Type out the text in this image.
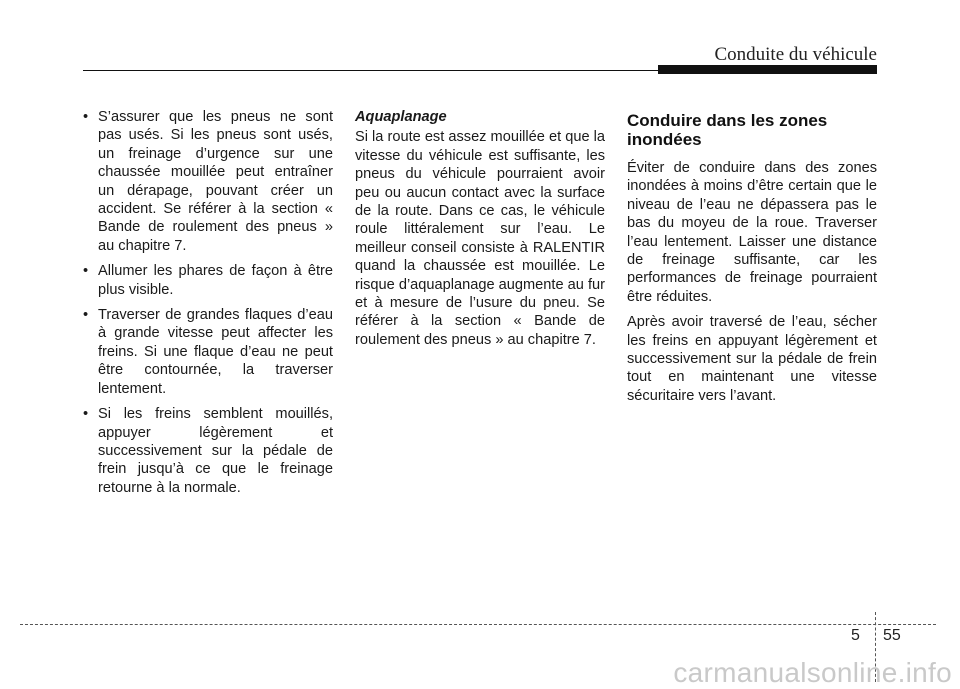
Conduite du véhicule
• S’assurer que les pneus ne sont pas usés. Si les pneus sont usés, un freinage d’urgence sur une chaussée mouillée peut entraîner un dérapage, pouvant créer un accident. Se référer à la section « Bande de roulement des pneus » au chapitre 7.
• Allumer les phares de façon à être plus visible.
• Traverser de grandes flaques d’eau à grande vitesse peut affecter les freins. Si une flaque d’eau ne peut être contournée, la traverser lentement.
• Si les freins semblent mouillés, appuyer légèrement et successivement sur la pédale de frein jusqu’à ce que le freinage retourne à la normale.
Aquaplanage

Si la route est assez mouillée et que la vitesse du véhicule est suffisante, les pneus du véhicule pourraient avoir peu ou aucun contact avec la surface de la route. Dans ce cas, le véhicule roule littéralement sur l’eau. Le meilleur conseil consiste à RALENTIR quand la chaussée est mouillée. Le risque d’aquaplanage augmente au fur et à mesure de l’usure du pneu. Se référer à la section « Bande de roulement des pneus » au chapitre 7.

Conduire dans les zones inondées

Éviter de conduire dans des zones inondées à moins d’être certain que le niveau de l’eau ne dépassera pas le bas du moyeu de la roue. Traverser l’eau lentement. Laisser une distance de freinage suffisante, car les performances de freinage pourraient être réduites.

Après avoir traversé de l’eau, sécher les freins en appuyant légèrement et successivement sur la pédale de frein tout en maintenant une vitesse sécuritaire vers l’avant.

5 55
carmanualsonline.info
